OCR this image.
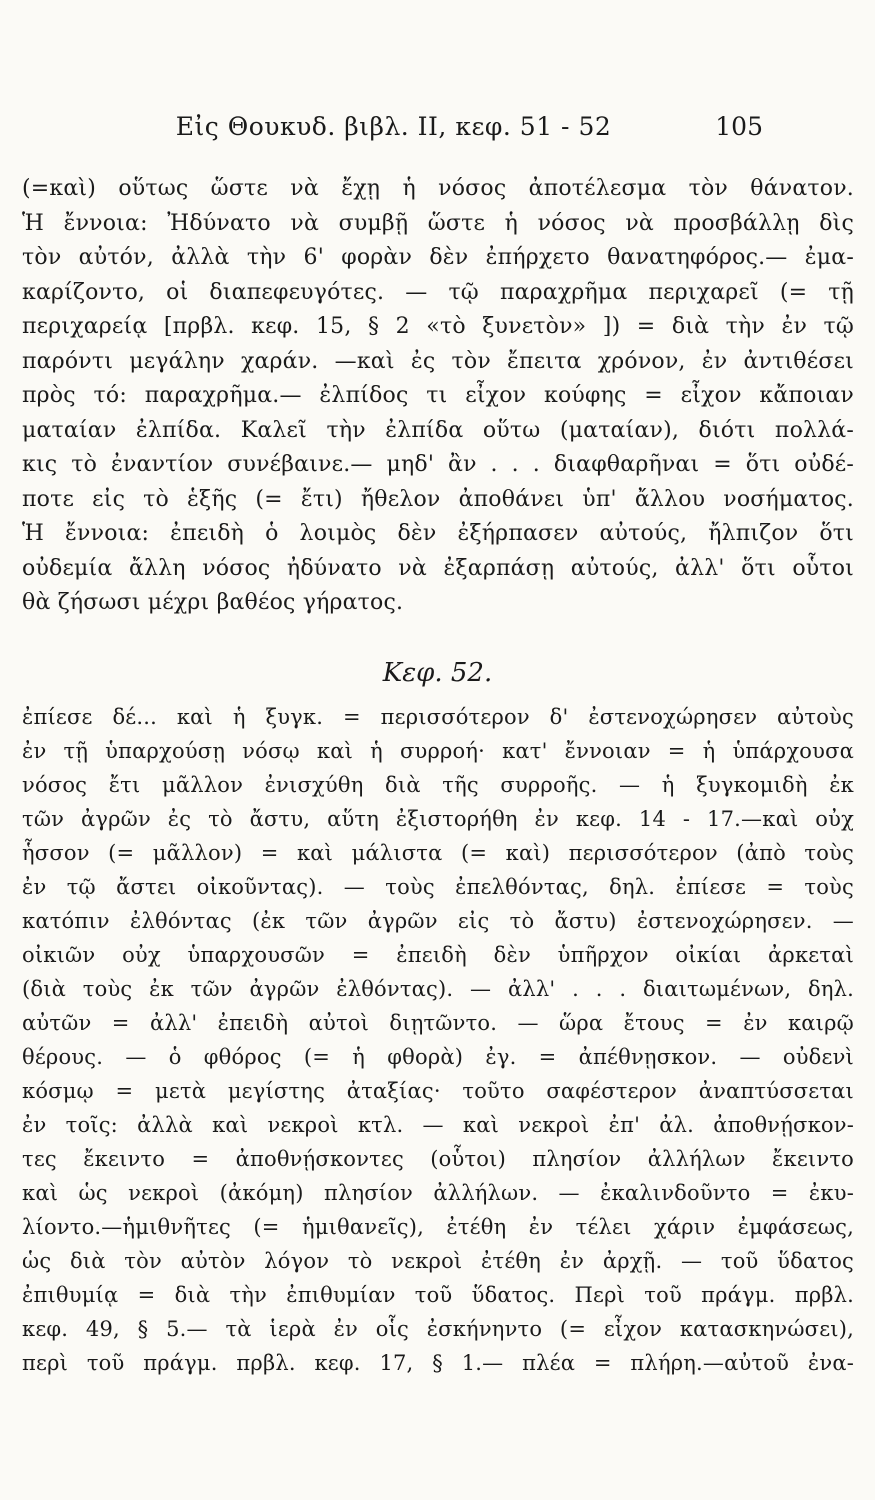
Εἰς Θουκυδ. βιβλ. ΙΙ, κεφ. 51 - 52	105
(=καὶ) οὕτως ὥστε νὰ ἔχῃ ἡ νόσος ἀποτέλεσμα τὸν θάνατον.
Ἡ ἔννοια: Ἠδύνατο νὰ συμβῇ ὥστε ἡ νόσος νὰ προσβάλλῃ δὶς
τὸν αὐτόν, ἀλλὰ τὴν 6' φορὰν δὲν ἐπήρχετο θανατηφόρος.— ἐμα-
καρίζοντο, οἱ διαπεφευγότες. — τῷ παραχρῆμα περιχαρεῖ (= τῇ
περιχαρείᾳ [πρβλ. κεφ. 15, § 2 «τὸ ξυνετὸν» ]) = διὰ τὴν ἐν τῷ
παρόντι μεγάλην χαράν. —καὶ ἐς τὸν ἔπειτα χρόνον, ἐν ἀντιθέσει
πρὸς τό: παραχρῆμα.— ἐλπίδος τι εἶχον κούφης = εἶχον κἄποιαν
ματαίαν ἐλπίδα. Καλεῖ τὴν ἐλπίδα οὕτω (ματαίαν), διότι πολλά-
κις τὸ ἐναντίον συνέβαινε.— μηδ' ἂν . . . διαφθαρῆναι = ὅτι οὐδέ-
ποτε εἰς τὸ ἑξῆς (= ἔτι) ἤθελον ἀποθάνει ὑπ' ἄλλου νοσήματος.
Ἡ ἔννοια: ἐπειδὴ ὁ λοιμὸς δὲν ἐξήρπασεν αὐτούς, ἤλπιζον ὅτι
οὐδεμία ἄλλη νόσος ἠδύνατο νὰ ἐξαρπάσῃ αὐτούς, ἀλλ' ὅτι οὗτοι
θὰ ζήσωσι μέχρι βαθέος γήρατος.
Κεφ. 52.
ἐπίεσε δέ... καὶ ἡ ξυγκ. = περισσότερον δ' ἐστενοχώρησεν αὐτοὺς
ἐν τῇ ὑπαρχούσῃ νόσῳ καὶ ἡ συρροή· κατ' ἔννοιαν = ἡ ὑπάρχουσα
νόσος ἔτι μᾶλλον ἐνισχύθη διὰ τῆς συρροῆς. — ἡ ξυγκομιδὴ ἐκ
τῶν ἀγρῶν ἐς τὸ ἄστυ, αὕτη ἐξιστορήθη ἐν κεφ. 14 - 17.—καὶ οὐχ
ἧσσον (= μᾶλλον) = καὶ μάλιστα (= καὶ) περισσότερον (ἀπὸ τοὺς
ἐν τῷ ἄστει οἰκοῦντας). — τοὺς ἐπελθόντας, δηλ. ἐπίεσε = τοὺς
κατόπιν ἐλθόντας (ἐκ τῶν ἀγρῶν εἰς τὸ ἄστυ) ἐστενοχώρησεν. —
οἰκιῶν οὐχ ὑπαρχουσῶν = ἐπειδὴ δὲν ὑπῆρχον οἰκίαι ἀρκεταὶ
(διὰ τοὺς ἐκ τῶν ἀγρῶν ἐλθόντας). — ἀλλ' . . . διαιτωμένων, δηλ.
αὐτῶν = ἀλλ' ἐπειδὴ αὐτοὶ διῃτῶντο. — ὥρα ἔτους = ἐν καιρῷ
θέρους. — ὁ φθόρος (= ἡ φθορὰ) ἐγ. = ἀπέθνῃσκον. — οὐδενὶ
κόσμῳ = μετὰ μεγίστης ἀταξίας· τοῦτο σαφέστερον ἀναπτύσσεται
ἐν τοῖς: ἀλλὰ καὶ νεκροὶ κτλ. — καὶ νεκροὶ ἐπ' ἀλ. ἀποθνῄσκον-
τες ἔκειντο = ἀποθνῄσκοντες (οὗτοι) πλησίον ἀλλήλων ἔκειντο
καὶ ὡς νεκροὶ (ἀκόμη) πλησίον ἀλλήλων. — ἐκαλινδοῦντο = ἐκυ-
λίοντο.—ἡμιθνῆτες (= ἡμιθανεῖς), ἐτέθη ἐν τέλει χάριν ἐμφάσεως,
ὡς διὰ τὸν αὐτὸν λόγον τὸ νεκροὶ ἐτέθη ἐν ἀρχῇ. — τοῦ ὕδατος
ἐπιθυμίᾳ = διὰ τὴν ἐπιθυμίαν τοῦ ὕδατος. Περὶ τοῦ πράγμ. πρβλ.
κεφ. 49, § 5.— τὰ ἱερὰ ἐν οἷς ἐσκήνηντο (= εἶχον κατασκηνώσει),
περὶ τοῦ πράγμ. πρβλ. κεφ. 17, § 1.— πλέα = πλήρη.—αὐτοῦ ἐνα-
